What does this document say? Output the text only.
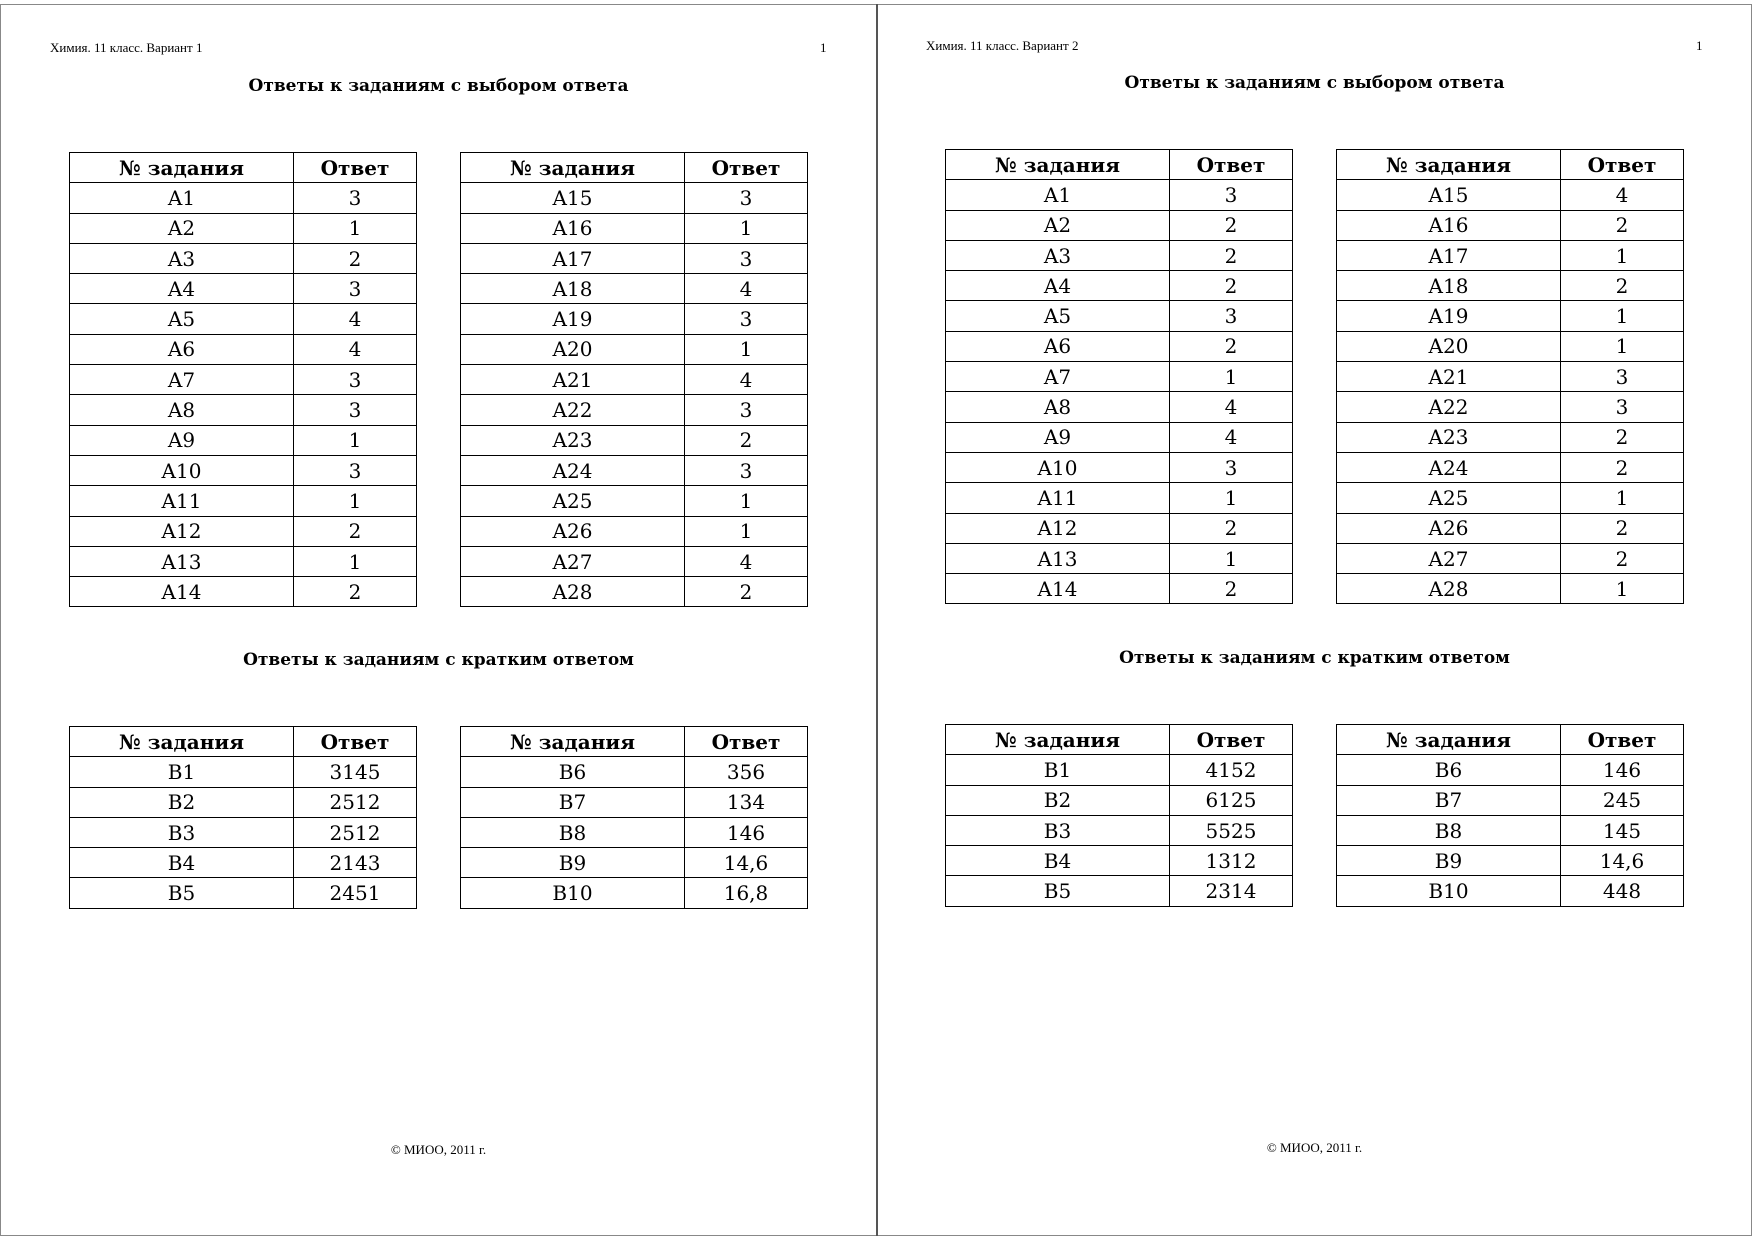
Химия. 11 класс. Вариант 1	1
Ответы к заданиям с выбором ответа
Ответы к заданиям с кратким ответом
© МИОО, 2011 г.
№ задания	Ответ
A1	3
A2	1
A3	2
A4	3
A5	4
A6	4
A7	3
A8	3
A9	1
A10	3
A11	1
A12	2
A13	1
A14	2
№ задания	Ответ
A15	3
A16	1
A17	3
A18	4
A19	3
A20	1
A21	4
A22	3
A23	2
A24	3
A25	1
A26	1
A27	4
A28	2
№ задания	Ответ
B1	3145
B2	2512
B3	2512
B4	2143
B5	2451
№ задания	Ответ
B6	356
B7	134
B8	146
B9	14,6
B10	16,8
Химия. 11 класс. Вариант 2	1
Ответы к заданиям с выбором ответа
Ответы к заданиям с кратким ответом
© МИОО, 2011 г.
№ задания	Ответ
A1	3
A2	2
A3	2
A4	2
A5	3
A6	2
A7	1
A8	4
A9	4
A10	3
A11	1
A12	2
A13	1
A14	2
№ задания	Ответ
A15	4
A16	2
A17	1
A18	2
A19	1
A20	1
A21	3
A22	3
A23	2
A24	2
A25	1
A26	2
A27	2
A28	1
№ задания	Ответ
B1	4152
B2	6125
B3	5525
B4	1312
B5	2314
№ задания	Ответ
B6	146
B7	245
B8	145
B9	14,6
B10	448
